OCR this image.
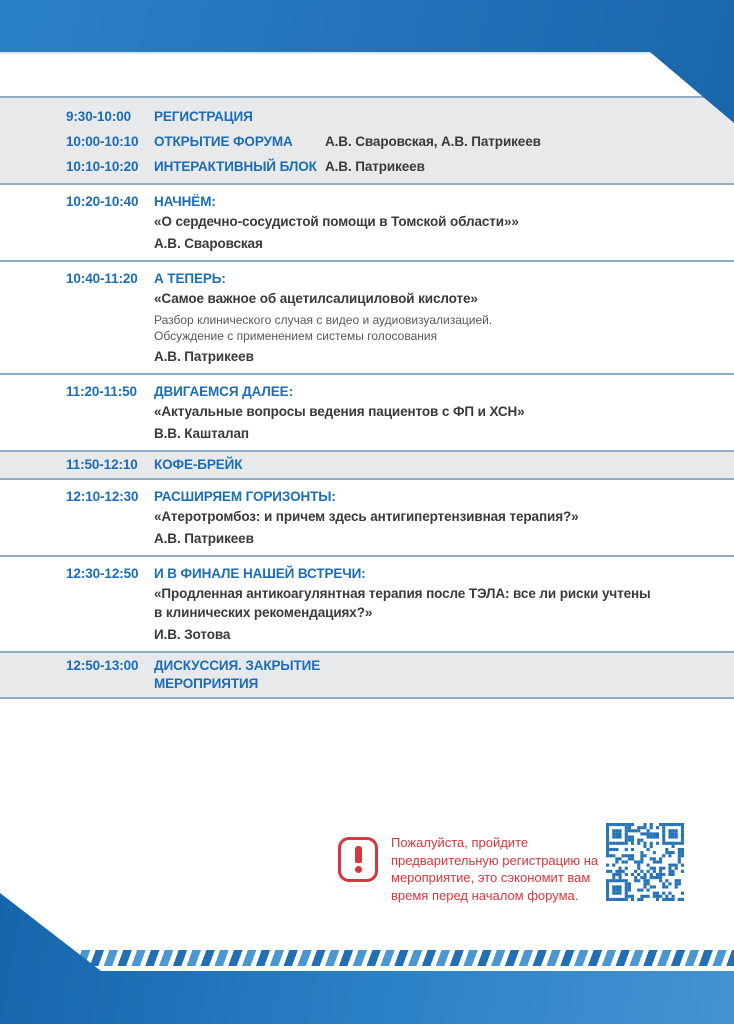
9:30-10:00	РЕГИСТРАЦИЯ
10:00-10:10	ОТКРЫТИЕ ФОРУМА	А.В. Сваровская, А.В. Патрикеев
10:10-10:20	ИНТЕРАКТИВНЫЙ БЛОК А.В. Патрикеев
10:20-10:40	НАЧНЁМ:
«О сердечно-сосудистой помощи в Томской области»»
А.В. Сваровская
10:40-11:20	А ТЕПЕРЬ:
«Самое важное об ацетилсалициловой кислоте»
Разбор клинического случая с видео и аудиовизуализацией. Обсуждение с применением системы голосования
А.В. Патрикеев
11:20-11:50	ДВИГАЕМСЯ ДАЛЕЕ:
«Актуальные вопросы ведения пациентов с ФП и ХСН»
В.В. Кашталап
11:50-12:10	КОФЕ-БРЕЙК
12:10-12:30	РАСШИРЯЕМ ГОРИЗОНТЫ:
«Атеротромбоз: и причем здесь антигипертензивная терапия?»
А.В. Патрикеев
12:30-12:50	И В ФИНАЛЕ НАШЕЙ ВСТРЕЧИ:
«Продленная антикоагулянтная терапия после ТЭЛА: все ли риски учтены в клинических рекомендациях?»
И.В. Зотова
12:50-13:00	ДИСКУССИЯ. ЗАКРЫТИЕ МЕРОПРИЯТИЯ

Пожалуйста, пройдите предварительную регистрацию на мероприятие, это сэкономит вам время перед началом форума.
